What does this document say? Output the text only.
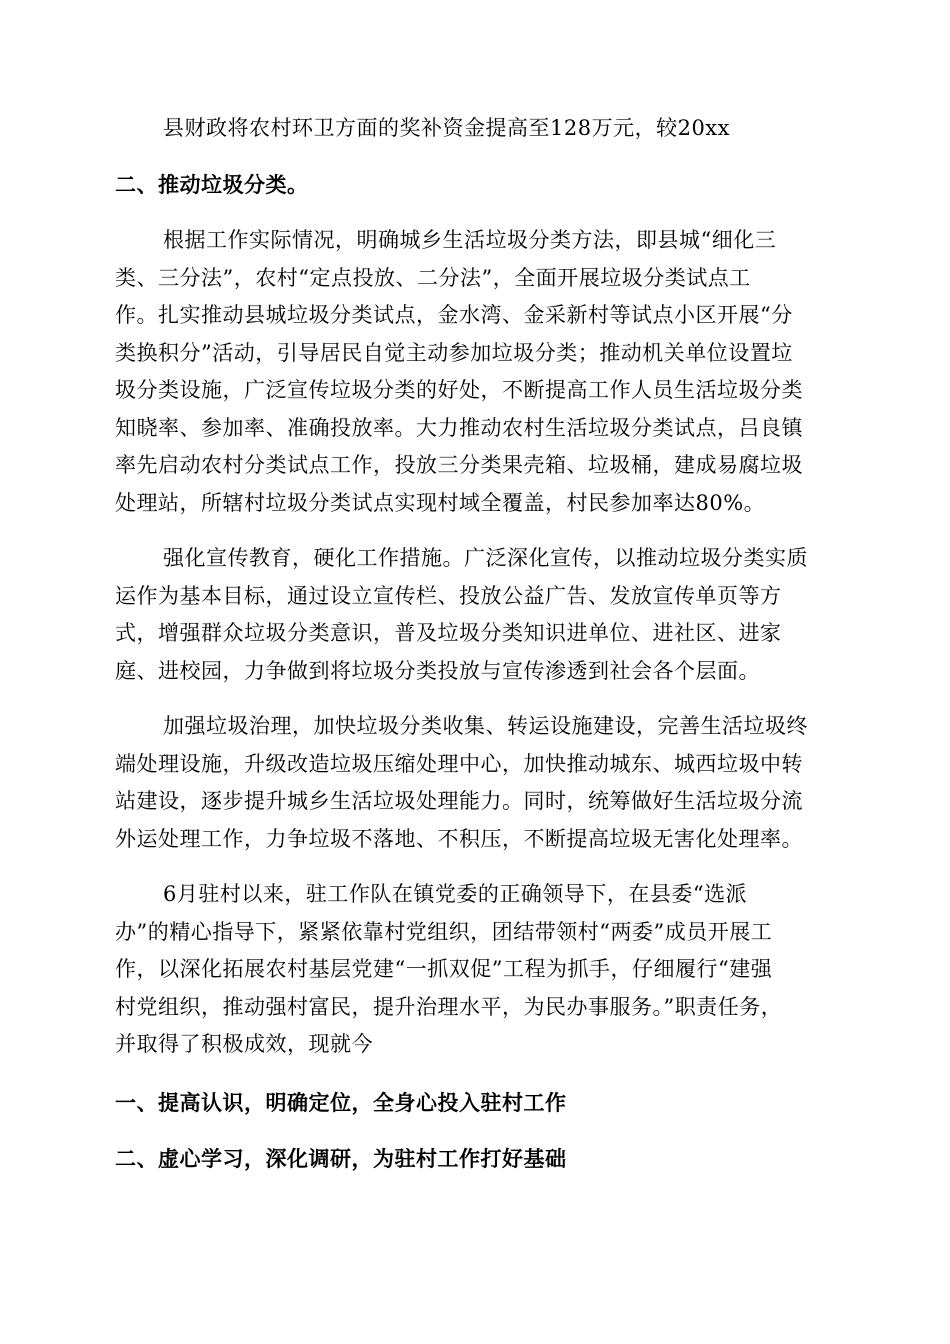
县财政将农村环卫方面的奖补资金提高至128万元，较20xx
二、推动垃圾分类。
根据工作实际情况，明确城乡生活垃圾分类方法，即县城“细化三
类、三分法”，农村“定点投放、二分法”，全面开展垃圾分类试点工
作。扎实推动县城垃圾分类试点，金水湾、金采新村等试点小区开展“分
类换积分”活动，引导居民自觉主动参加垃圾分类；推动机关单位设置垃
圾分类设施，广泛宣传垃圾分类的好处，不断提高工作人员生活垃圾分类
知晓率、参加率、准确投放率。大力推动农村生活垃圾分类试点，吕良镇
率先启动农村分类试点工作，投放三分类果壳箱、垃圾桶，建成易腐垃圾
处理站，所辖村垃圾分类试点实现村域全覆盖，村民参加率达80%。
强化宣传教育，硬化工作措施。广泛深化宣传，以推动垃圾分类实质
运作为基本目标，通过设立宣传栏、投放公益广告、发放宣传单页等方
式，增强群众垃圾分类意识，普及垃圾分类知识进单位、进社区、进家
庭、进校园，力争做到将垃圾分类投放与宣传渗透到社会各个层面。
加强垃圾治理，加快垃圾分类收集、转运设施建设，完善生活垃圾终
端处理设施，升级改造垃圾压缩处理中心，加快推动城东、城西垃圾中转
站建设，逐步提升城乡生活垃圾处理能力。同时，统筹做好生活垃圾分流
外运处理工作，力争垃圾不落地、不积压，不断提高垃圾无害化处理率。
6月驻村以来，驻工作队在镇党委的正确领导下，在县委“选派
办”的精心指导下，紧紧依靠村党组织，团结带领村“两委”成员开展工
作，以深化拓展农村基层党建“一抓双促”工程为抓手，仔细履行“建强
村党组织，推动强村富民，提升治理水平，为民办事服务。”职责任务，
并取得了积极成效，现就今
一、提高认识，明确定位，全身心投入驻村工作
二、虚心学习，深化调研，为驻村工作打好基础
